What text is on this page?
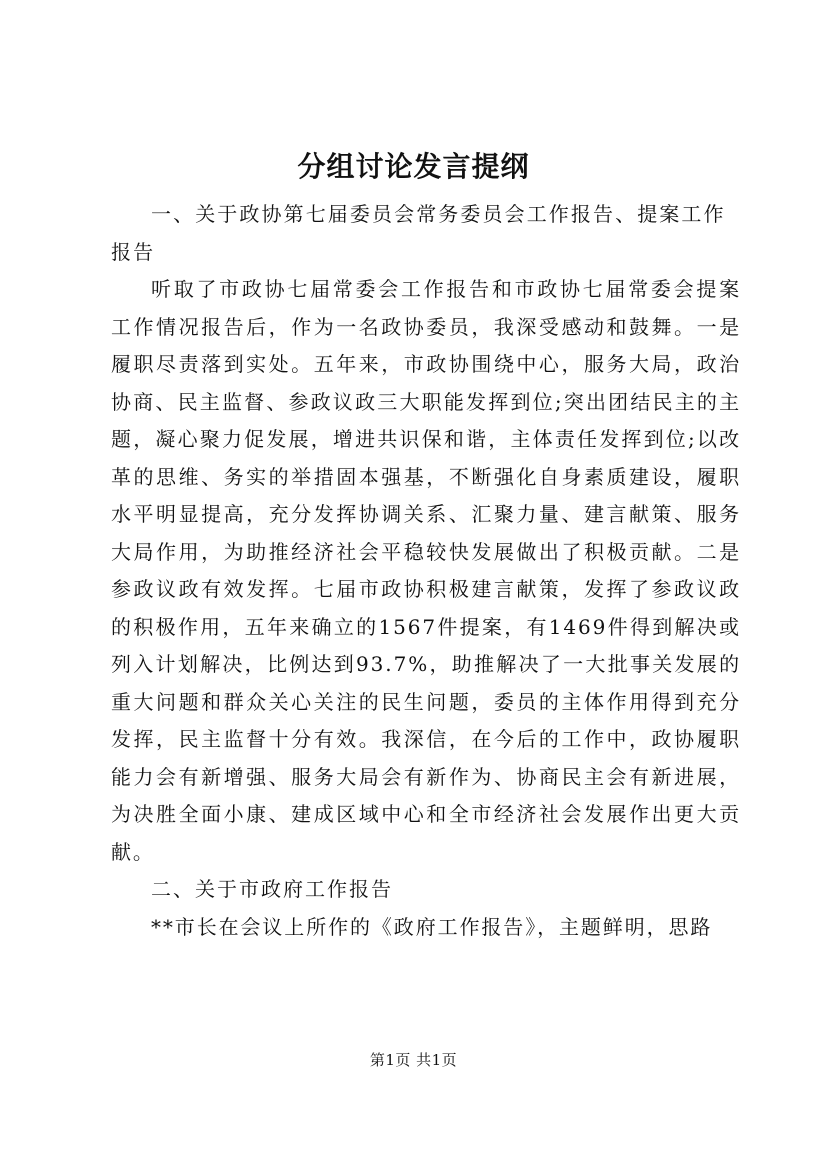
分组讨论发言提纲

一、关于政协第七届委员会常务委员会工作报告、提案工作报告

听取了市政协七届常委会工作报告和市政协七届常委会提案工作情况报告后，作为一名政协委员，我深受感动和鼓舞。一是履职尽责落到实处。五年来，市政协围绕中心，服务大局，政治协商、民主监督、参政议政三大职能发挥到位;突出团结民主的主题，凝心聚力促发展，增进共识保和谐，主体责任发挥到位;以改革的思维、务实的举措固本强基，不断强化自身素质建设，履职水平明显提高，充分发挥协调关系、汇聚力量、建言献策、服务大局作用，为助推经济社会平稳较快发展做出了积极贡献。二是参政议政有效发挥。七届市政协积极建言献策，发挥了参政议政的积极作用，五年来确立的1567件提案，有1469件得到解决或列入计划解决，比例达到93.7%，助推解决了一大批事关发展的重大问题和群众关心关注的民生问题，委员的主体作用得到充分发挥，民主监督十分有效。我深信，在今后的工作中，政协履职能力会有新增强、服务大局会有新作为、协商民主会有新进展，为决胜全面小康、建成区域中心和全市经济社会发展作出更大贡献。

二、关于市政府工作报告

**市长在会议上所作的《政府工作报告》，主题鲜明，思路

第1页 共1页
